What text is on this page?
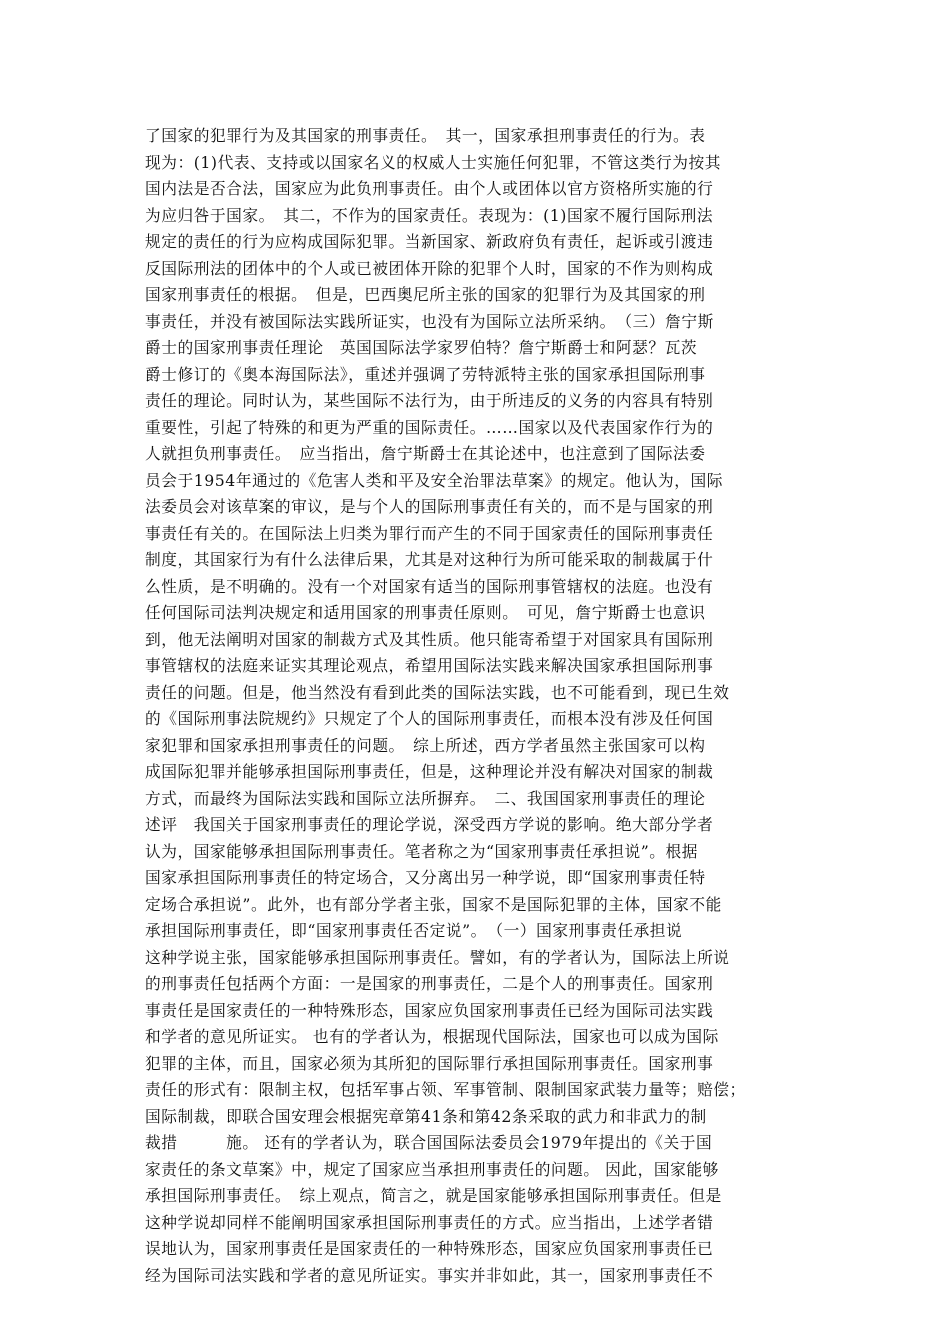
了国家的犯罪行为及其国家的刑事责任。　其一，国家承担刑事责任的行为。表
现为：(1)代表、支持或以国家名义的权威人士实施任何犯罪，不管这类行为按其
国内法是否合法，国家应为此负刑事责任。由个人或团体以官方资格所实施的行
为应归咎于国家。　其二，不作为的国家责任。表现为：(1)国家不履行国际刑法
规定的责任的行为应构成国际犯罪。当新国家、新政府负有责任，起诉或引渡违
反国际刑法的团体中的个人或已被团体开除的犯罪个人时，国家的不作为则构成
国家刑事责任的根据。　但是，巴西奥尼所主张的国家的犯罪行为及其国家的刑
事责任，并没有被国际法实践所证实，也没有为国际立法所采纳。　（三）詹宁斯
爵士的国家刑事责任理论　英国国际法学家罗伯特？詹宁斯爵士和阿瑟？瓦茨
爵士修订的《奥本海国际法》，重述并强调了劳特派特主张的国家承担国际刑事
责任的理论。同时认为，某些国际不法行为，由于所违反的义务的内容具有特别
重要性，引起了特殊的和更为严重的国际责任。……国家以及代表国家作行为的
人就担负刑事责任。　应当指出，詹宁斯爵士在其论述中，也注意到了国际法委
员会于1954年通过的《危害人类和平及安全治罪法草案》的规定。他认为，国际
法委员会对该草案的审议，是与个人的国际刑事责任有关的，而不是与国家的刑
事责任有关的。在国际法上归类为罪行而产生的不同于国家责任的国际刑事责任
制度，其国家行为有什么法律后果，尤其是对这种行为所可能采取的制裁属于什
么性质，是不明确的。没有一个对国家有适当的国际刑事管辖权的法庭。也没有
任何国际司法判决规定和适用国家的刑事责任原则。　可见，詹宁斯爵士也意识
到，他无法阐明对国家的制裁方式及其性质。他只能寄希望于对国家具有国际刑
事管辖权的法庭来证实其理论观点，希望用国际法实践来解决国家承担国际刑事
责任的问题。但是，他当然没有看到此类的国际法实践，也不可能看到，现已生效
的《国际刑事法院规约》只规定了个人的国际刑事责任，而根本没有涉及任何国
家犯罪和国家承担刑事责任的问题。　综上所述，西方学者虽然主张国家可以构
成国际犯罪并能够承担国际刑事责任，但是，这种理论并没有解决对国家的制裁
方式，而最终为国际法实践和国际立法所摒弃。　二、我国国家刑事责任的理论
述评　我国关于国家刑事责任的理论学说，深受西方学说的影响。绝大部分学者
认为，国家能够承担国际刑事责任。笔者称之为“国家刑事责任承担说”。根据
国家承担国际刑事责任的特定场合，又分离出另一种学说，即“国家刑事责任特
定场合承担说”。此外，也有部分学者主张，国家不是国际犯罪的主体，国家不能
承担国际刑事责任，即“国家刑事责任否定说”。　（一）国家刑事责任承担说
这种学说主张，国家能够承担国际刑事责任。譬如，有的学者认为，国际法上所说
的刑事责任包括两个方面：一是国家的刑事责任，二是个人的刑事责任。国家刑
事责任是国家责任的一种特殊形态，国家应负国家刑事责任已经为国际司法实践
和学者的意见所证实。 也有的学者认为，根据现代国际法，国家也可以成为国际
犯罪的主体，而且，国家必须为其所犯的国际罪行承担国际刑事责任。国家刑事
责任的形式有：限制主权，包括军事占领、军事管制、限制国家武装力量等；赔偿；
国际制裁，即联合国安理会根据宪章第41条和第42条采取的武力和非武力的制
裁措　　　施。 还有的学者认为，联合国国际法委员会1979年提出的《关于国
家责任的条文草案》中，规定了国家应当承担刑事责任的问题。 因此，国家能够
承担国际刑事责任。　综上观点，简言之，就是国家能够承担国际刑事责任。但是
这种学说却同样不能阐明国家承担国际刑事责任的方式。应当指出，上述学者错
误地认为，国家刑事责任是国家责任的一种特殊形态，国家应负国家刑事责任已
经为国际司法实践和学者的意见所证实。事实并非如此，其一，国家刑事责任不
